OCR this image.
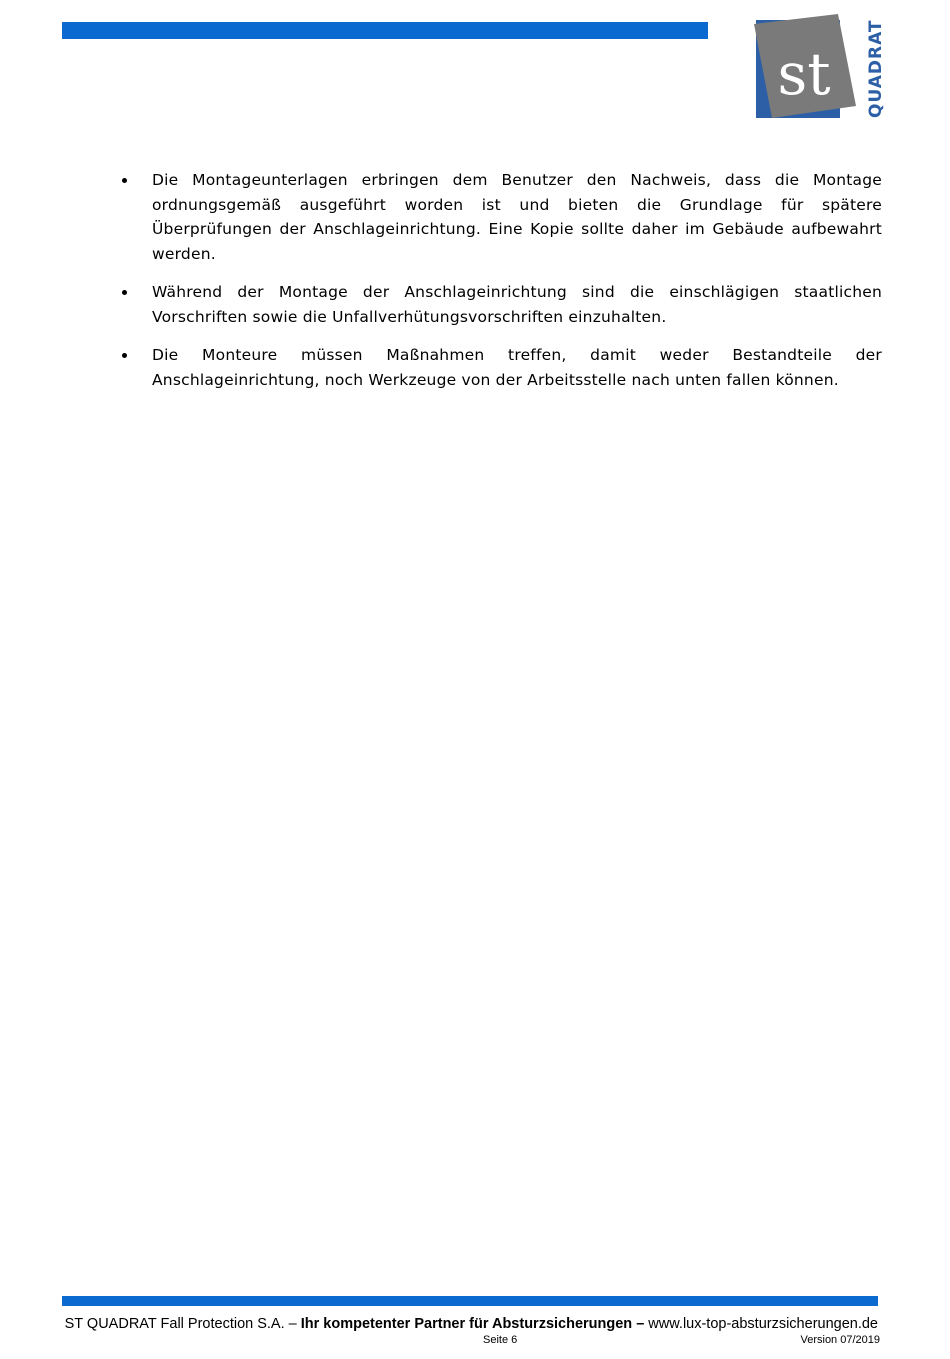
st QUADRAT
Die Montageunterlagen erbringen dem Benutzer den Nachweis, dass die Montage ordnungsgemäß ausgeführt worden ist und bieten die Grundlage für spätere Überprüfungen der Anschlageinrichtung. Eine Kopie sollte daher im Gebäude aufbewahrt werden.
Während der Montage der Anschlageinrichtung sind die einschlägigen staatlichen Vorschriften sowie die Unfallverhütungsvorschriften einzuhalten.
Die Monteure müssen Maßnahmen treffen, damit weder Bestandteile der Anschlageinrichtung, noch Werkzeuge von der Arbeitsstelle nach unten fallen können.
ST QUADRAT Fall Protection S.A. – Ihr kompetenter Partner für Absturzsicherungen – www.lux-top-absturzsicherungen.de
Seite 6	Version 07/2019
